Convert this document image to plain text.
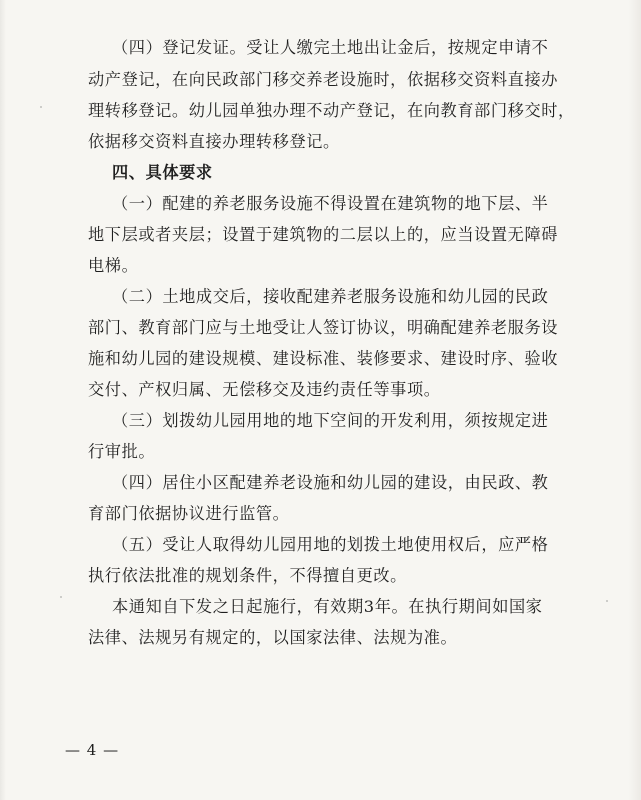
（四）登记发证。受让人缴完土地出让金后，按规定申请不
动产登记，在向民政部门移交养老设施时，依据移交资料直接办
理转移登记。幼儿园单独办理不动产登记，在向教育部门移交时，
依据移交资料直接办理转移登记。
四、具体要求
（一）配建的养老服务设施不得设置在建筑物的地下层、半
地下层或者夹层；设置于建筑物的二层以上的，应当设置无障碍
电梯。
（二）土地成交后，接收配建养老服务设施和幼儿园的民政
部门、教育部门应与土地受让人签订协议，明确配建养老服务设
施和幼儿园的建设规模、建设标准、装修要求、建设时序、验收
交付、产权归属、无偿移交及违约责任等事项。
（三）划拨幼儿园用地的地下空间的开发利用，须按规定进
行审批。
（四）居住小区配建养老设施和幼儿园的建设，由民政、教
育部门依据协议进行监管。
（五）受让人取得幼儿园用地的划拨土地使用权后，应严格
执行依法批准的规划条件，不得擅自更改。
本通知自下发之日起施行，有效期3年。在执行期间如国家
法律、法规另有规定的，以国家法律、法规为准。
— 4 —
